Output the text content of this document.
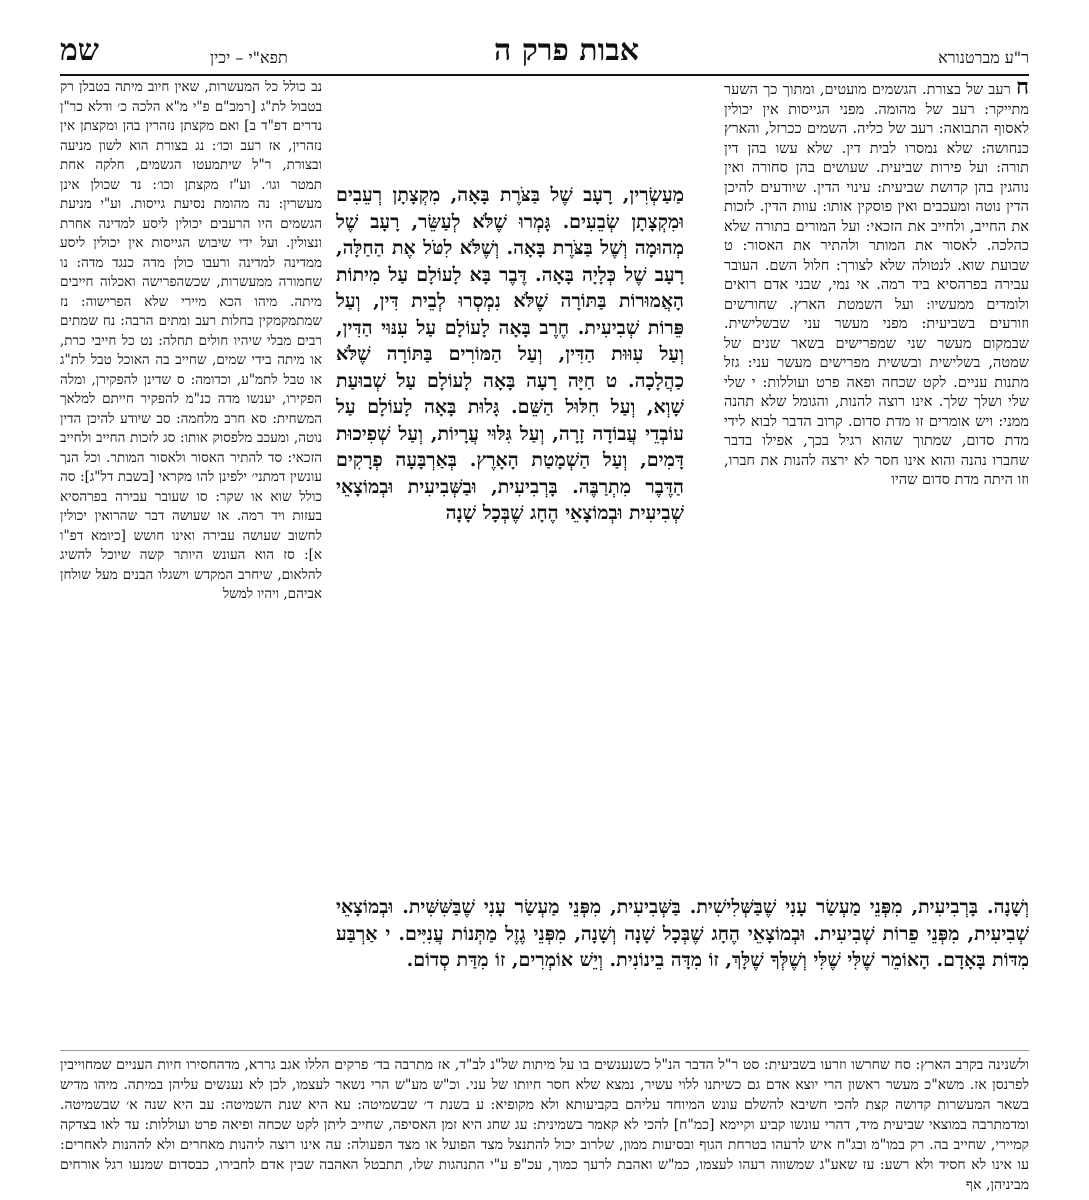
ר"ע מברטנורא
אבות פרק ה
תפא"י – יכין
שמ
ח רעב של בצורת. הגשמים מועטים, ומתוך כך השער מתייקר: רעב של מהומה. מפני הגייסות אין יכולין לאסוף התבואה: רעב של כליה. השמים ככרזל, והארץ כנחושה: שלא נמסרו לבית דין. שלא עשו בהן דין תורה: ועל פירות שביעית. שעושים בהן סחורה ואין נוהגין בהן קדושת שביעית: עינוי הדין. שיודעים להיכן הדין נוטה ומעכבים ואין פוסקין אותו: עוות הדין. לזכות את החייב, ולחייב את הזכאי: ועל המורים בתורה שלא כהלכה. לאסור את המותר ולהתיר את האסור: ט שבועת שוא. לנטולה שלא לצורך: חלול השם. העובר עבירה בפרהסיא ביד רמה. אי נמי, שבני אדם רואים ולומדים ממעשיו: ועל השמטת הארץ. שחורשים וזורעים בשביעית: מפני מעשר עני שבשלישית. שבמקום מעשר שני שמפרישים בשאר שנים של שמטה, בשלישית ובששית מפרישים מעשר עני: גזל מתנות עניים. לקט שכחה ופאה פרט ועוללות: י שלי שלי ושלך שלך. אינו רוצה להנות, והגומל שלא תהנה ממני: ויש אומרים זו מדת סדום. קרוב הדבר לבוא לידי מדת סדום, שמתוך שהוא רגיל בכך, אפילו בדבר שחברו נהנה והוא אינו חסר לא ירצה להנות את חברו, וזו היתה מדת סדום שהיו
מַעַשְׂרִין, רָעָב שֶׁל בַּצֹּרֶת בָּאָה, מִקְצָתָן רְעֵבִים וּמִקְצָתָן שְׂבֵעִים. גָּמְרוּ שֶׁלֹּא לְעַשֵּׂר, רָעָב שֶׁל מְהוּמָה וְשֶׁל בַּצֹּרֶת בָּאָה. וְשֶׁלֹּא לִטֹּל אֶת הַחַלָּה, רָעָב שֶׁל כְּלָיָה בָּאָה. דֶּבֶר בָּא לָעוֹלָם עַל מִיתוֹת הָאֲמוּרוֹת בַּתּוֹרָה שֶׁלֹּא נִמְסְרוּ לְבֵית דִּין, וְעַל פֵּרוֹת שְׁבִיעִית. חֶרֶב בָּאָה לָעוֹלָם עַל עִנּוּי הַדִּין, וְעַל עִוּוּת הַדִּין, וְעַל הַמּוֹרִים בַּתּוֹרָה שֶׁלֹּא כַהֲלָכָה. ט חַיָּה רָעָה בָּאָה לָעוֹלָם עַל שְׁבוּעַת שָׁוְא, וְעַל חִלּוּל הַשֵּׁם. גָּלוּת בָּאָה לָעוֹלָם עַל עוֹבְדֵי עֲבוֹדָה זָרָה, וְעַל גִּלּוּי עֲרָיוֹת, וְעַל שְׁפִיכוּת דָּמִים, וְעַל הַשְׁמָטַת הָאָרֶץ. בְּאַרְבָּעָה פְרָקִים הַדֶּבֶר מִתְרַבֶּה. בָּרְבִיעִית, וּבַשְּׁבִיעִית וּבְמוֹצָאֵי שְׁבִיעִית וּבְמוֹצָאֵי הֶחָג שֶׁבְּכָל שָׁנָה
וְשָׁנָה. בָּרְבִיעִית, מִפְּנֵי מַעְשַׂר עָנִי שֶׁבַּשְּׁלִישִׁית. בַּשְּׁבִיעִית, מִפְּנֵי מַעְשַׂר עָנִי שֶׁבַּשִּׁשִּׁית. וּבְמוֹצָאֵי שְׁבִיעִית, מִפְּנֵי פֵרוֹת שְׁבִיעִית. וּבְמוֹצָאֵי הֶחָג שֶׁבְּכָל שָׁנָה וְשָׁנָה, מִפְּנֵי גֶזֶל מַתְּנוֹת עֲנִיִּים. י אַרְבַּע מִדּוֹת בָּאָדָם. הָאוֹמֵר שֶׁלִּי שֶׁלִּי וְשֶׁלְּךָ שֶׁלָּךְ, זוֹ מִדָּה בֵינוֹנִית. וְיֵשׁ אוֹמְרִים, זוֹ מִדַּת סְדוֹם.
נב כולל כל המעשרות, שאין חיוב מיתה בטבלן רק בטבול לת"ג [רמב"ם פ"י מ"א הלכה כ׳ ודלא כר"ן נדרים דפ"ד ב] ואם מקצתן נזהרין בהן ומקצתן אין נזהרין, אז רעב וכו׳: נג בצורת הוא לשון מניעה ובצורת, ר"ל שיתמעטו הגשמים, חלקה אחת תמטר וגו׳. וע"ז מקצתן וכו׳: נד שכולן אינן מעשרין: נה מהומת נסיעת גייסות. וע"י מניעת הגשמים היו הרעבים יכולין ליסע למדינה אחרת ונצולין. ועל ידי שיבוש הגייסות אין יכולין ליסע ממדינה למדינה ורעבו כולן מדה כנגד מדה: נו שחמורה ממעשרות, שכשהפרישה ואכלוה חייבים מיתה. מיהו הכא מיירי שלא הפרישוה: נז שמתמקמקין בחלות רעב ומתים הרבה: נח שמתים רבים מבלי שיהיו חולים תחלה: נט כל חייבי כרת, או מיתה בידי שמים, שחייב בה האוכל טבל לת"ג או טבל לתמ"ע, וכדומה: ס שדינן להפקירן, ומלה הפקירו, יענשו מדה כנ"מ להפקיר חייתם למלאך המשחית: סא חרב מלחמה: סב שיודע להיכן הדין נוטה, ומעכב מלפסוק אותו: סג לזכות החייב ולחייב הזכאי: סד להתיר האסור ולאסור המותר. וכל הנך עונשין דמתני׳ ילפינן להו מקראי [בשבת דל"ג]: סה כולל שוא או שקר: סו שעובר עבירה בפרהסיא בעזות ויד רמה. או שעושה דבר שהרואין יכולין לחשוב שעושה עבירה ואינו חושש [כיומא דפ"ו א]: סז הוא העונש היותר קשה שיוכל להשיג להלאום, שיחרב המקדש וישגלו הבנים מעל שולחן אביהם, ויהיו למשל
ולשנינה בקרב הארץ: סח שחרשו וזרעו בשביעית: סט ר"ל הדבר הנ"ל כשנענשים בו על מיתות של"נ לב"ד, אז מתרבה בד׳ פרקים הללו אגב גררא, מדהחסירו חיות העניים שמחוייבין לפרנסן אז. משא"כ מעשר ראשון הרי יוצא אדם גם כשיתנו ללוי עשיר, נמצא שלא חסר חיותו של עני. וכ"ש מע"ש הרי נשאר לעצמו, לכן לא נענשים עליהן במיתה. מיהו מדיש בשאר המעשרות קדושה קצת להכי חשיבא להשלם עונש המיוחד עליהם בקביעותא ולא מקופיא: ע בשנת ד׳ שבשמיטה: עא היא שנת השמיטה: עב היא שנה א׳ שבשמיטה. ומדמתרבה במוצאי שביעית מיד, דהרי עונשו קביע וקיימא [כמ"ח] להכי לא קאמר בשמינית: עג שחג היא זמן האסיפה, שחייב ליתן לקט שכחה ופיאה פרט ועוללות: עד לאו בצדקה קמיירי, שחייב בה. רק במו"מ ובג"ח איש לרעהו בטרחת הגוף ובסיעות ממון, שלרוב יכול להתנצל מצד הפועל או מצד הפעולה: עה אינו רוצה ליהנות מאחרים ולא לההנות לאחרים: עו אינו לא חסיד ולא רשע: עז שאע"ג שמשווה רעהו לעצמו, כמ"ש ואהבת לרעך כמוך, עכ"פ ע"י התנהגות שלו, תתבטל האהבה שבין אדם לחבירו, כבסדום שמנעו רגל אורחים מביניהן, אף
